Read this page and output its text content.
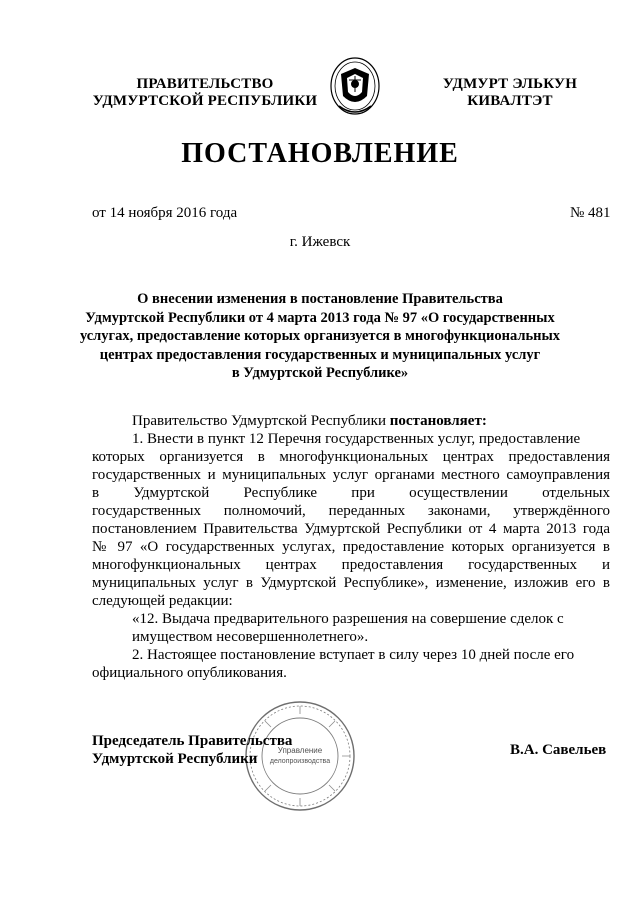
ПРАВИТЕЛЬСТВО
УДМУРТСКОЙ РЕСПУБЛИКИ
УДМУРТ ЭЛЬКУН
КИВАЛТЭТ
ПОСТАНОВЛЕНИЕ
от 14 ноября 2016 года	№ 481
г. Ижевск
О внесении изменения в постановление Правительства
Удмуртской Республики от 4 марта 2013 года № 97 «О государственных
услугах, предоставление которых организуется в многофункциональных
центрах предоставления государственных и муниципальных услуг
в Удмуртской Республике»
Правительство Удмуртской Республики постановляет:
1. Внести в пункт 12 Перечня государственных услуг, предоставление
которых организуется в многофункциональных центрах предоставления
государственных и муниципальных услуг органами местного самоуправления
в Удмуртской Республике при осуществлении отдельных
государственных полномочий, переданных законами, утверждённого
постановлением Правительства Удмуртской Республики от 4 марта 2013 года
№ 97 «О государственных услугах, предоставление которых организуется в
многофункциональных центрах предоставления государственных и
муниципальных услуг в Удмуртской Республике», изменение, изложив его в
следующей редакции:
«12. Выдача предварительного разрешения на совершение сделок с
имуществом несовершеннолетнего».
2. Настоящее постановление вступает в силу через 10 дней после его
официального опубликования.
Управление
делопроизводства
Председатель Правительства
Удмуртской Республики
В.А. Савельев
